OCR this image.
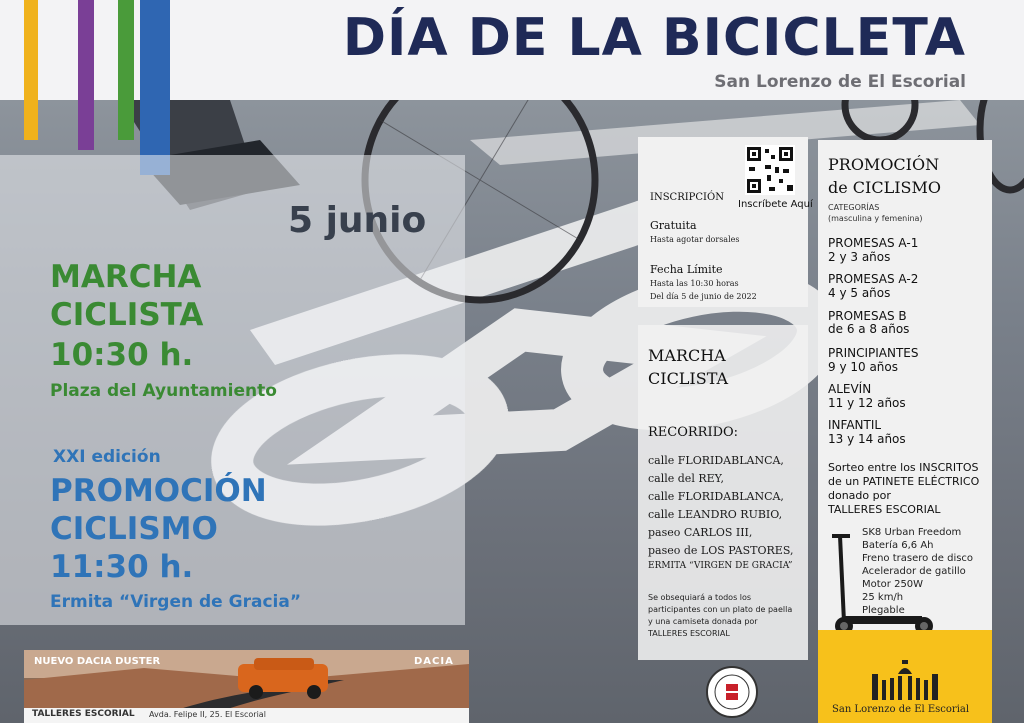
DÍA DE LA BICICLETA
San Lorenzo de El Escorial
5 junio
MARCHA
CICLISTA
10:30 h.
Plaza del Ayuntamiento
XXI edición
PROMOCIÓN
CICLISMO
11:30 h.
Ermita “Virgen de Gracia”
INSCRIPCIÓN
Inscríbete Aquí
Gratuita
Hasta agotar dorsales
Fecha Límite
Hasta las 10:30 horas
Del día 5 de junio de 2022
MARCHA
CICLISTA
RECORRIDO:
calle FLORIDABLANCA,
calle del REY,
calle FLORIDABLANCA,
calle LEANDRO RUBIO,
paseo CARLOS III,
paseo de LOS PASTORES,
ERMITA “VIRGEN DE GRACIA”
Se obsequiará a todos los
participantes con un plato de paella
y una camiseta donada por
TALLERES ESCORIAL
PROMOCIÓN
de CICLISMO
CATEGORÍAS
(masculina y femenina)
PROMESAS A-1
2 y 3 años
PROMESAS A-2
4 y 5 años
PROMESAS B
de 6 a 8 años
PRINCIPIANTES
9 y 10 años
ALEVÍN
11 y 12 años
INFANTIL
13 y 14 años
Sorteo entre los INSCRITOS
de un PATINETE ELÉCTRICO
donado por
TALLERES ESCORIAL
SK8 Urban Freedom
Batería 6,6 Ah
Freno trasero de disco
Acelerador de gatillo
Motor 250W
25 km/h
Plegable
San Lorenzo de El Escorial
NUEVO DACIA DUSTER	DACIA
TALLERES ESCORIAL Avda. Felipe II, 25. El Escorial
